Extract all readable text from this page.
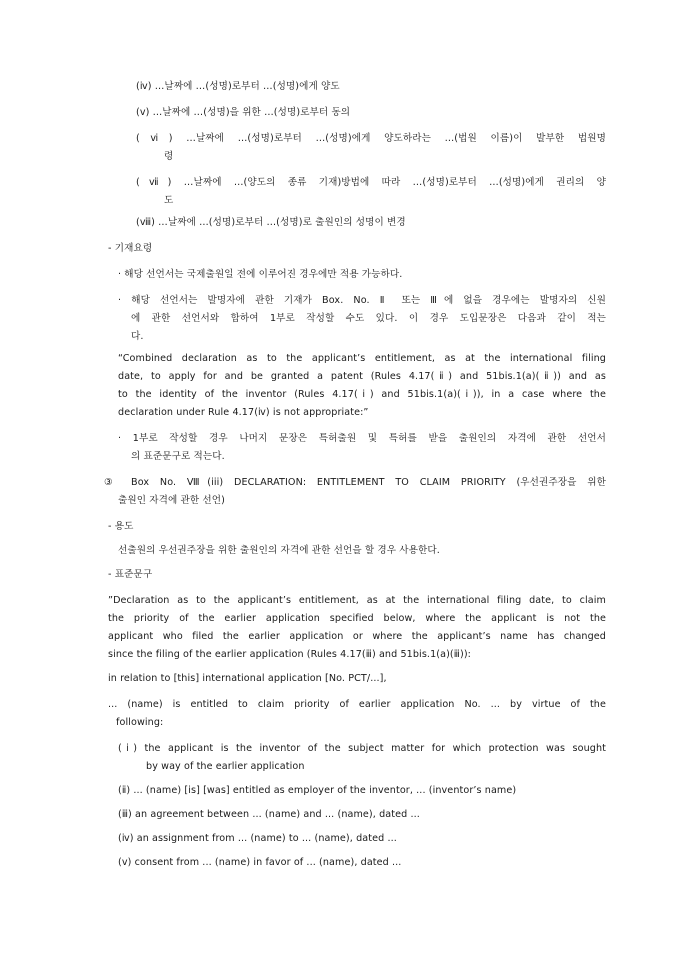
(ⅳ) …날짜에 …(성명)로부터 …(성명)에게 양도
(ⅴ) …날짜에 …(성명)을 위한 …(성명)로부터 동의
(ⅵ) …날짜에 …(성명)로부터 …(성명)에게 양도하라는 …(법원 이름)이 발부한 법원명
령
(ⅶ) …날짜에 …(양도의 종류 기재)방법에 따라 …(성명)로부터 …(성명)에게 권리의 양
도
(ⅷ) …날짜에 …(성명)로부터 …(성명)로 출원인의 성명이 변경
- 기재요령
· 해당 선언서는 국제출원일 전에 이루어진 경우에만 적용 가능하다.
· 해당 선언서는 발명자에 관한 기재가 Box. No. Ⅱ 또는 Ⅲ에 없을 경우에는 발명자의 신원
에 관한 선언서와 합하여 1부로 작성할 수도 있다. 이 경우 도입문장은 다음과 같이 적는
다.
“Combined declaration as to the applicant’s entitlement, as at the international filing
date, to apply for and be granted a patent (Rules 4.17(ⅱ) and 51bis.1(a)(ⅱ)) and as
to the identity of the inventor (Rules 4.17(ⅰ) and 51bis.1(a)(ⅰ)), in a case where the
declaration under Rule 4.17(ⅳ) is not appropriate:”
· 1부로 작성할 경우 나머지 문장은 특허출원 및 특허를 받을 출원인의 자격에 관한 선언서
의 표준문구로 적는다.
③ Box No. Ⅷ(iii) DECLARATION: ENTITLEMENT TO CLAIM PRIORITY (우선권주장을 위한
출원인 자격에 관한 선언)
- 용도
선출원의 우선권주장을 위한 출원인의 자격에 관한 선언을 할 경우 사용한다.
- 표준문구
”Declaration as to the applicant’s entitlement, as at the international filing date, to claim
the priority of the earlier application specified below, where the applicant is not the
applicant who filed the earlier application or where the applicant’s name has changed
since the filing of the earlier application (Rules 4.17(ⅲ) and 51bis.1(a)(ⅲ)):
in relation to [this] international application [No. PCT/...],
... (name) is entitled to claim priority of earlier application No. ... by virtue of the
following:
(ⅰ) the applicant is the inventor of the subject matter for which protection was sought
by way of the earlier application
(ⅱ) ... (name) [is] [was] entitled as employer of the inventor, ... (inventor’s name)
(ⅲ) an agreement between ... (name) and ... (name), dated ...
(ⅳ) an assignment from ... (name) to ... (name), dated ...
(ⅴ) consent from ... (name) in favor of ... (name), dated ...
